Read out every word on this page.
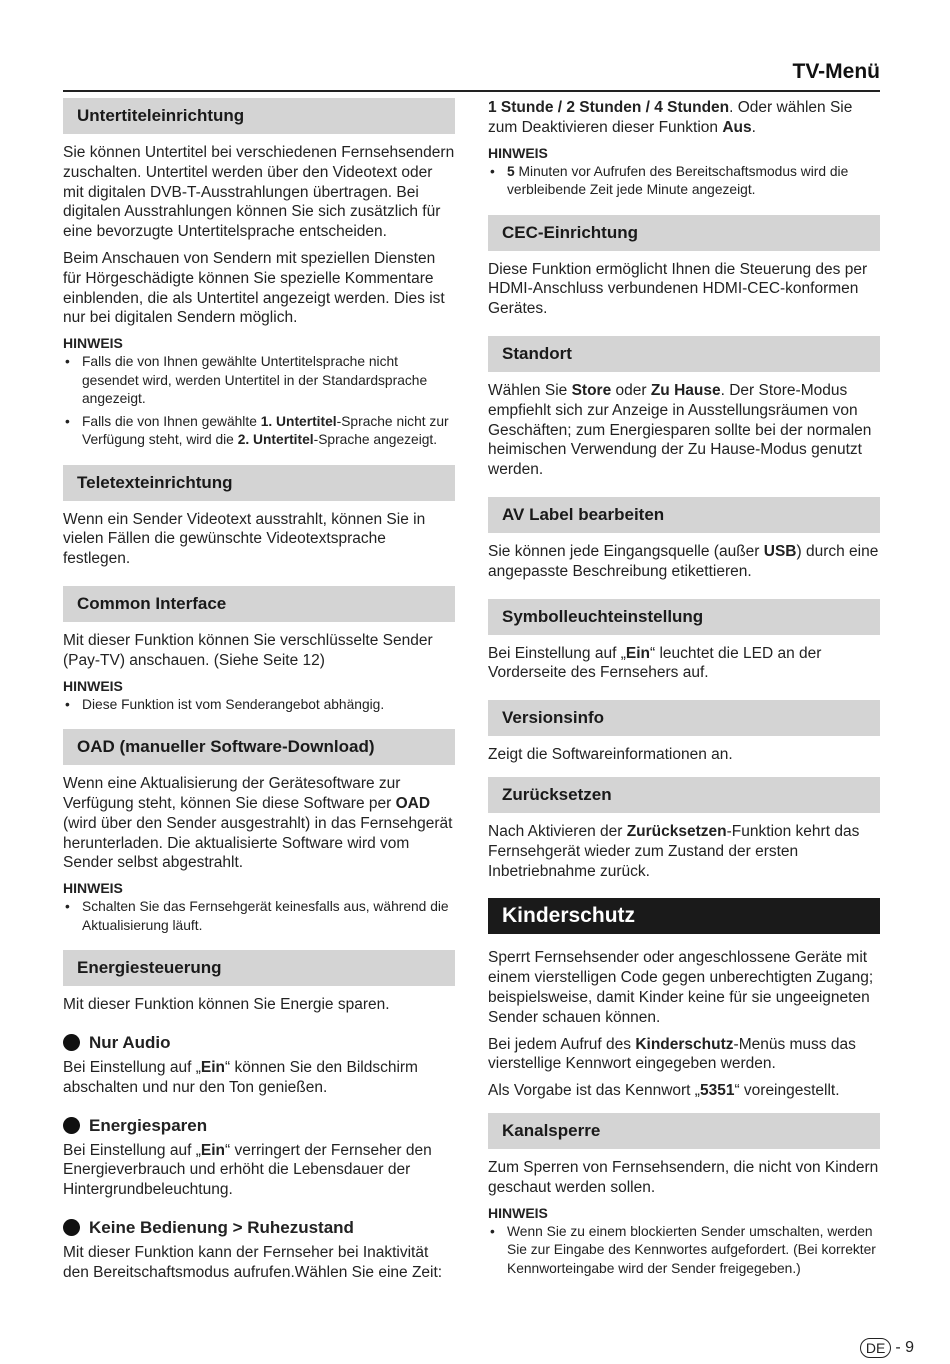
TV-Menü
Untertiteleinrichtung

Sie können Untertitel bei verschiedenen Fernsehsendern zuschalten. Untertitel werden über den Videotext oder mit digitalen DVB-T-Ausstrahlungen übertragen. Bei digitalen Ausstrahlungen können Sie sich zusätzlich für eine bevorzugte Untertitelsprache entscheiden.

Beim Anschauen von Sendern mit speziellen Diensten für Hörgeschädigte können Sie spezielle Kommentare einblenden, die als Untertitel angezeigt werden. Dies ist nur bei digitalen Sendern möglich.

HINWEIS
• Falls die von Ihnen gewählte Untertitelsprache nicht gesendet wird, werden Untertitel in der Standardsprache angezeigt.
• Falls die von Ihnen gewählte 1. Untertitel-Sprache nicht zur Verfügung steht, wird die 2. Untertitel-Sprache angezeigt.
Teletexteinrichtung

Wenn ein Sender Videotext ausstrahlt, können Sie in vielen Fällen die gewünschte Videotextsprache festlegen.

Common Interface

Mit dieser Funktion können Sie verschlüsselte Sender (Pay-TV) anschauen. (Siehe Seite 12)

HINWEIS
• Diese Funktion ist vom Senderangebot abhängig.
OAD (manueller Software-Download)

Wenn eine Aktualisierung der Gerätesoftware zur Verfügung steht, können Sie diese Software per OAD (wird über den Sender ausgestrahlt) in das Fernsehgerät herunterladen. Die aktualisierte Software wird vom Sender selbst abgestrahlt.

HINWEIS
• Schalten Sie das Fernsehgerät keinesfalls aus, während die Aktualisierung läuft.
Energiesteuerung

Mit dieser Funktion können Sie Energie sparen.

Nur Audio

Bei Einstellung auf „Ein“ können Sie den Bildschirm abschalten und nur den Ton genießen.

Energiesparen

Bei Einstellung auf „Ein“ verringert der Fernseher den Energieverbrauch und erhöht die Lebensdauer der Hintergrundbeleuchtung.

Keine Bedienung > Ruhezustand

Mit dieser Funktion kann der Fernseher bei Inaktivität den Bereitschaftsmodus aufrufen.Wählen Sie eine Zeit:

1 Stunde / 2 Stunden / 4 Stunden. Oder wählen Sie zum Deaktivieren dieser Funktion Aus.

HINWEIS
• 5 Minuten vor Aufrufen des Bereitschaftsmodus wird die verbleibende Zeit jede Minute angezeigt.
CEC-Einrichtung

Diese Funktion ermöglicht Ihnen die Steuerung des per HDMI-Anschluss verbundenen HDMI-CEC-konformen Gerätes.

Standort

Wählen Sie Store oder Zu Hause. Der Store-Modus empfiehlt sich zur Anzeige in Ausstellungsräumen von Geschäften; zum Energiesparen sollte bei der normalen heimischen Verwendung der Zu Hause-Modus genutzt werden.

AV Label bearbeiten

Sie können jede Eingangsquelle (außer USB) durch eine angepasste Beschreibung etikettieren.

Symbolleuchteinstellung

Bei Einstellung auf „Ein“ leuchtet die LED an der Vorderseite des Fernsehers auf.

Versionsinfo

Zeigt die Softwareinformationen an.

Zurücksetzen

Nach Aktivieren der Zurücksetzen-Funktion kehrt das Fernsehgerät wieder zum Zustand der ersten Inbetriebnahme zurück.

Kinderschutz

Sperrt Fernsehsender oder angeschlossene Geräte mit einem vierstelligen Code gegen unberechtigten Zugang; beispielsweise, damit Kinder keine für sie ungeeigneten Sender schauen können.

Bei jedem Aufruf des Kinderschutz-Menüs muss das vierstellige Kennwort eingegeben werden.

Als Vorgabe ist das Kennwort „5351“ voreingestellt.

Kanalsperre

Zum Sperren von Fernsehsendern, die nicht von Kindern geschaut werden sollen.

HINWEIS
• Wenn Sie zu einem blockierten Sender umschalten, werden Sie zur Eingabe des Kennwortes aufgefordert. (Bei korrekter Kennworteingabe wird der Sender freigegeben.)
DE - 9
